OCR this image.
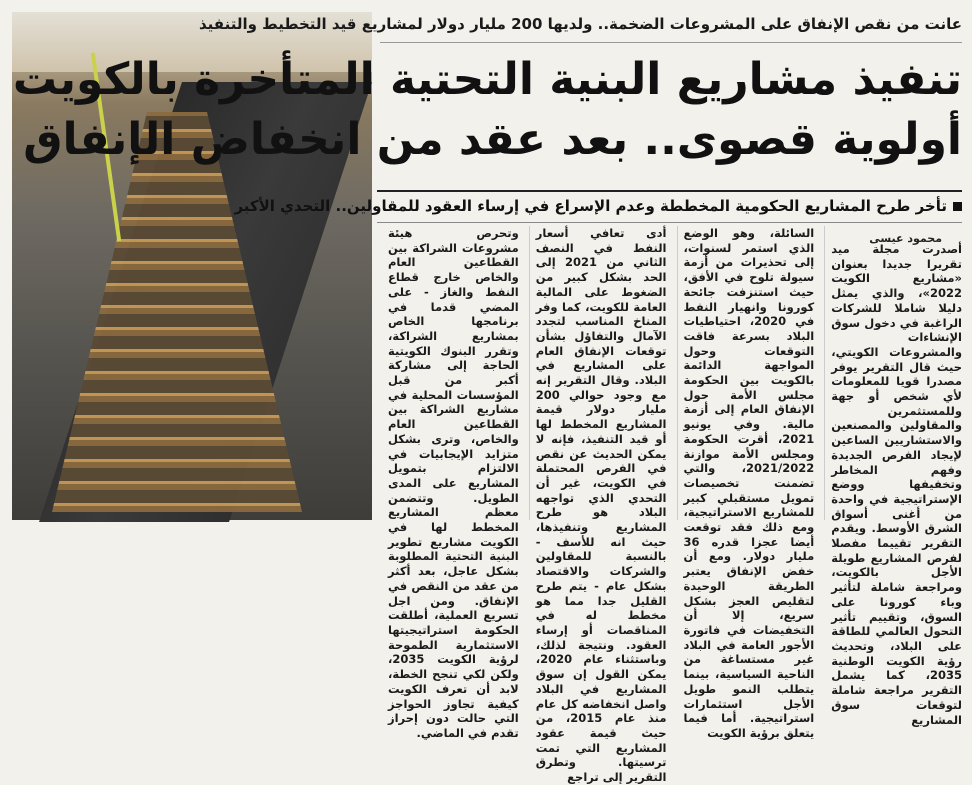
عانت من نقص الإنفاق على المشروعات الضخمة.. ولديها 200 مليار دولار لمشاريع قيد التخطيط والتنفيذ
تنفيذ مشاريع البنية التحتية المتأخرة بالكويت
أولوية قصوى.. بعد عقد من انخفاض الإنفاق
تأخر طرح المشاريع الحكومية المخططة وعدم الإسراع في إرساء العقود للمقاولين.. التحدي الأكبر
محمود عيسى

أصدرت مجلة ميد تقريرا جديدا بعنوان «مشاريع الكويت 2022»، والذي يمثل دليلا شاملا للشركات الراغبة في دخول سوق الإنشاءات والمشروعات الكويتي، حيث قال التقرير يوفر مصدرا قويا للمعلومات لأي شخص أو جهة وللمستثمرين والمقاولين والمصنعين والاستشاريين الساعين لإيجاد الفرص الجديدة وفهم المخاطر وتخفيفها ووضع الإستراتيجية في واحدة من أغنى أسواق الشرق الأوسط. ويقدم التقرير تقييما مفصلا لفرص المشاريع طويلة الأجل بالكويت، ومراجعة شاملة لتأثير وباء كورونا على السوق، وتقييم تأثير التحول العالمي للطاقة على البلاد، وتحديث رؤية الكويت الوطنية 2035، كما يشمل التقرير مراجعة شاملة لتوقعات سوق المشاريع

السائلة، وهو الوضع الذي استمر لسنوات، إلى تحذيرات من أزمة سيولة تلوح في الأفق، حيث استنزفت جائحة كورونا وانهيار النفط في 2020، احتياطيات البلاد بسرعة فاقت التوقعات وحول المواجهة الدائمة بالكويت بين الحكومة مجلس الأمة حول الإنفاق العام إلى أزمة مالية. وفي يونيو 2021، أقرت الحكومة ومجلس الأمة موازنة 2021/2022، والتي تضمنت تخصيصات تمويل مستقبلي كبير للمشاريع الاستراتيجية، ومع ذلك فقد توقعت أيضا عجزا قدره 36 مليار دولار. ومع أن خفض الإنفاق يعتبر الطريقة الوحيدة لتقليص العجز بشكل سريع، إلا أن التخفيضات في فاتورة الأجور العامة في البلاد غير مستساغة من الناحية السياسية، بينما يتطلب النمو طويل الأجل استثمارات استراتيجية. أما فيما يتعلق برؤية الكويت

أدى تعافي أسعار النفط في النصف الثاني من 2021 إلى الحد بشكل كبير من الضغوط على المالية العامة للكويت، كما وفر المناخ المناسب لتجدد الآمال والتفاؤل بشأن توقعات الإنفاق العام على المشاريع في البلاد. وقال التقرير إنه مع وجود حوالي 200 مليار دولار قيمة المشاريع المخطط لها أو قيد التنفيذ، فإنه لا يمكن الحديث عن نقص في الفرص المحتملة في الكويت، غير أن التحدي الذي تواجهه البلاد هو طرح المشاريع وتنفيذها، حيث انه للأسف - بالنسبة للمقاولين والشركات والاقتصاد بشكل عام - يتم طرح القليل جدا مما هو مخطط له في المناقصات أو إرساء العقود. ونتيجة لذلك، وباستثناء عام 2020، يمكن القول إن سوق المشاريع في البلاد واصل انخفاضه كل عام منذ عام 2015، من حيث قيمة عقود المشاريع التي تمت ترسيتها. وتطرق التقرير إلى تراجع

وتحرص هيئة مشروعات الشراكة بين القطاعين العام والخاص خارج قطاع النفط والغاز - على المضي قدما في برنامجها الخاص بمشاريع الشراكة، وتقرر البنوك الكويتية الحاجة إلى مشاركة أكبر من قبل المؤسسات المحلية في مشاريع الشراكة بين القطاعين العام والخاص، وترى بشكل متزايد الإيجابيات في الالتزام بتمويل المشاريع على المدى الطويل. وتتضمن معظم المشاريع المخطط لها في الكويت مشاريع تطوير البنية التحتية المطلوبة بشكل عاجل، بعد أكثر من عقد من النقص في الإنفاق. ومن اجل تسريع العملية، أطلقت الحكومة استراتيجيتها الاستثمارية الطموحة لرؤية الكويت 2035، ولكن لكي تنجح الخطة، لابد أن تعرف الكويت كيفية تجاوز الحواجز التي حالت دون إحراز تقدم في الماضي.
